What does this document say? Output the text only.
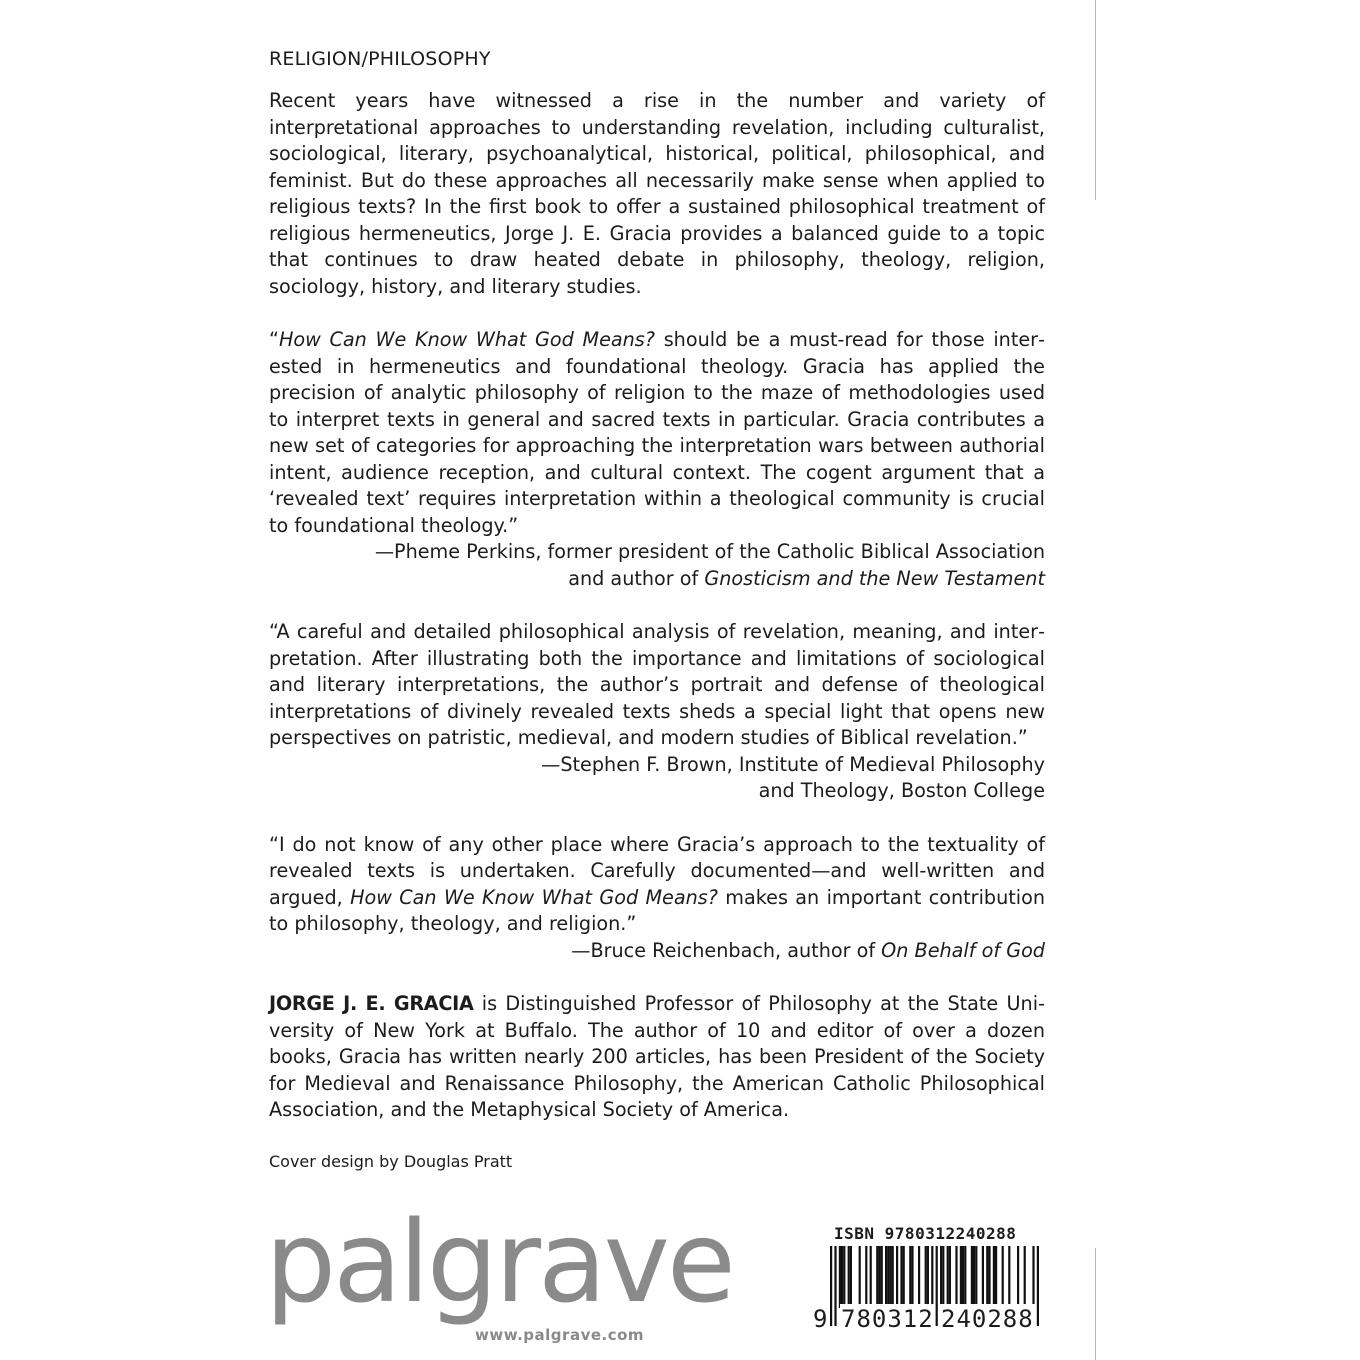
RELIGION/PHILOSOPHY

Recent years have witnessed a rise in the number and variety of interpretational approaches to understanding revelation, including culturalist, sociological, literary, psychoanalytical, historical, political, philosophical, and feminist. But do these approaches all necessarily make sense when applied to religious texts? In the first book to offer a sustained philosophical treatment of religious hermeneutics, Jorge J. E. Gracia provides a balanced guide to a topic that continues to draw heated debate in philosophy, theology, religion, sociology, history, and literary studies.

“How Can We Know What God Means? should be a must-read for those interested in hermeneutics and foundational theology. Gracia has applied the precision of analytic philosophy of religion to the maze of methodologies used to interpret texts in general and sacred texts in particular. Gracia contributes a new set of categories for approaching the interpretation wars between authorial intent, audience reception, and cultural context. The cogent argument that a ‘revealed text’ requires interpretation within a theological community is crucial to foundational theology.”

—Pheme Perkins, former president of the Catholic Biblical Association
and author of Gnosticism and the New Testament

“A careful and detailed philosophical analysis of revelation, meaning, and interpretation. After illustrating both the importance and limitations of sociological and literary interpretations, the author’s portrait and defense of theological interpretations of divinely revealed texts sheds a special light that opens new perspectives on patristic, medieval, and modern studies of Biblical revelation.”

—Stephen F. Brown, Institute of Medieval Philosophy
and Theology, Boston College

“I do not know of any other place where Gracia’s approach to the textuality of revealed texts is undertaken. Carefully documented—and well-written and argued, How Can We Know What God Means? makes an important contribution to philosophy, theology, and religion.”

—Bruce Reichenbach, author of On Behalf of God

JORGE J. E. GRACIA is Distinguished Professor of Philosophy at the State University of New York at Buffalo. The author of 10 and editor of over a dozen books, Gracia has written nearly 200 articles, has been President of the Society for Medieval and Renaissance Philosophy, the American Catholic Philosophical Association, and the Metaphysical Society of America.

Cover design by Douglas Pratt
palgrave
www.palgrave.com
ISBN 9780312240288
9 780312 240288
